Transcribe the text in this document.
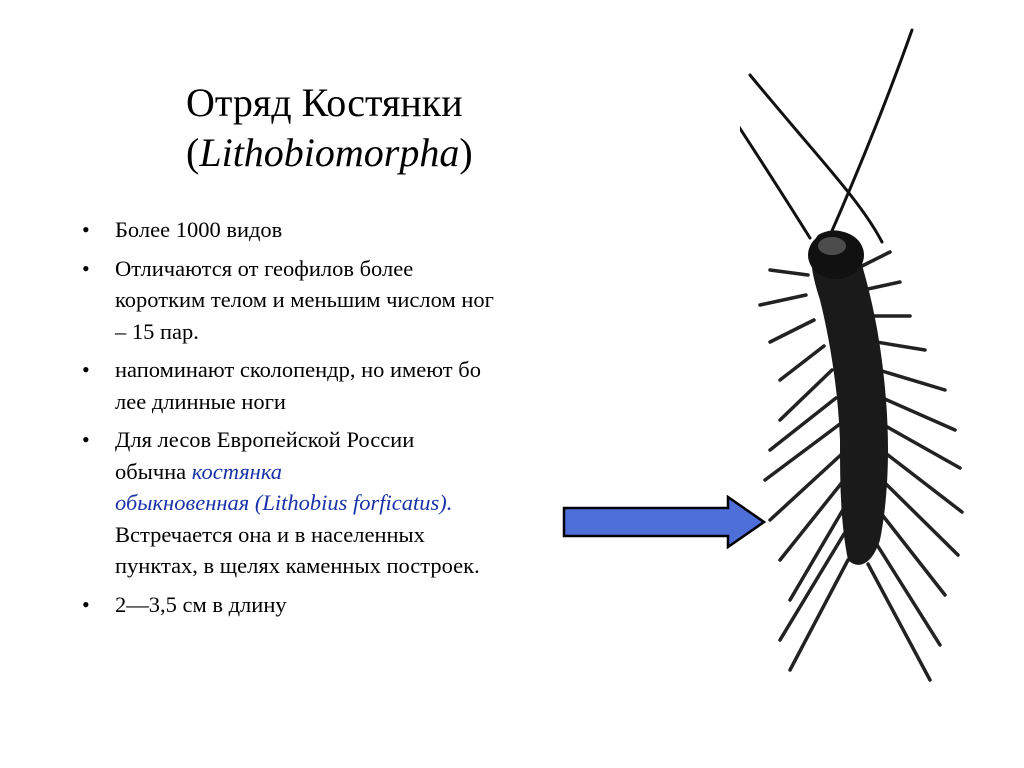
Отряд Костянки
(Lithobiomorpha)
• Более 1000 видов
• Отличаются от геофилов более
коротким телом и меньшим числом ног
– 15 пар.
• напоминают сколопендр, но имеют бо
лее длинные ноги
• Для лесов Европейской России
обычна костянка
обыкновенная (Lithobius forficatus).
Встречается она и в населенных
пунктах, в щелях каменных построек.
• 2—3,5 см в длину
